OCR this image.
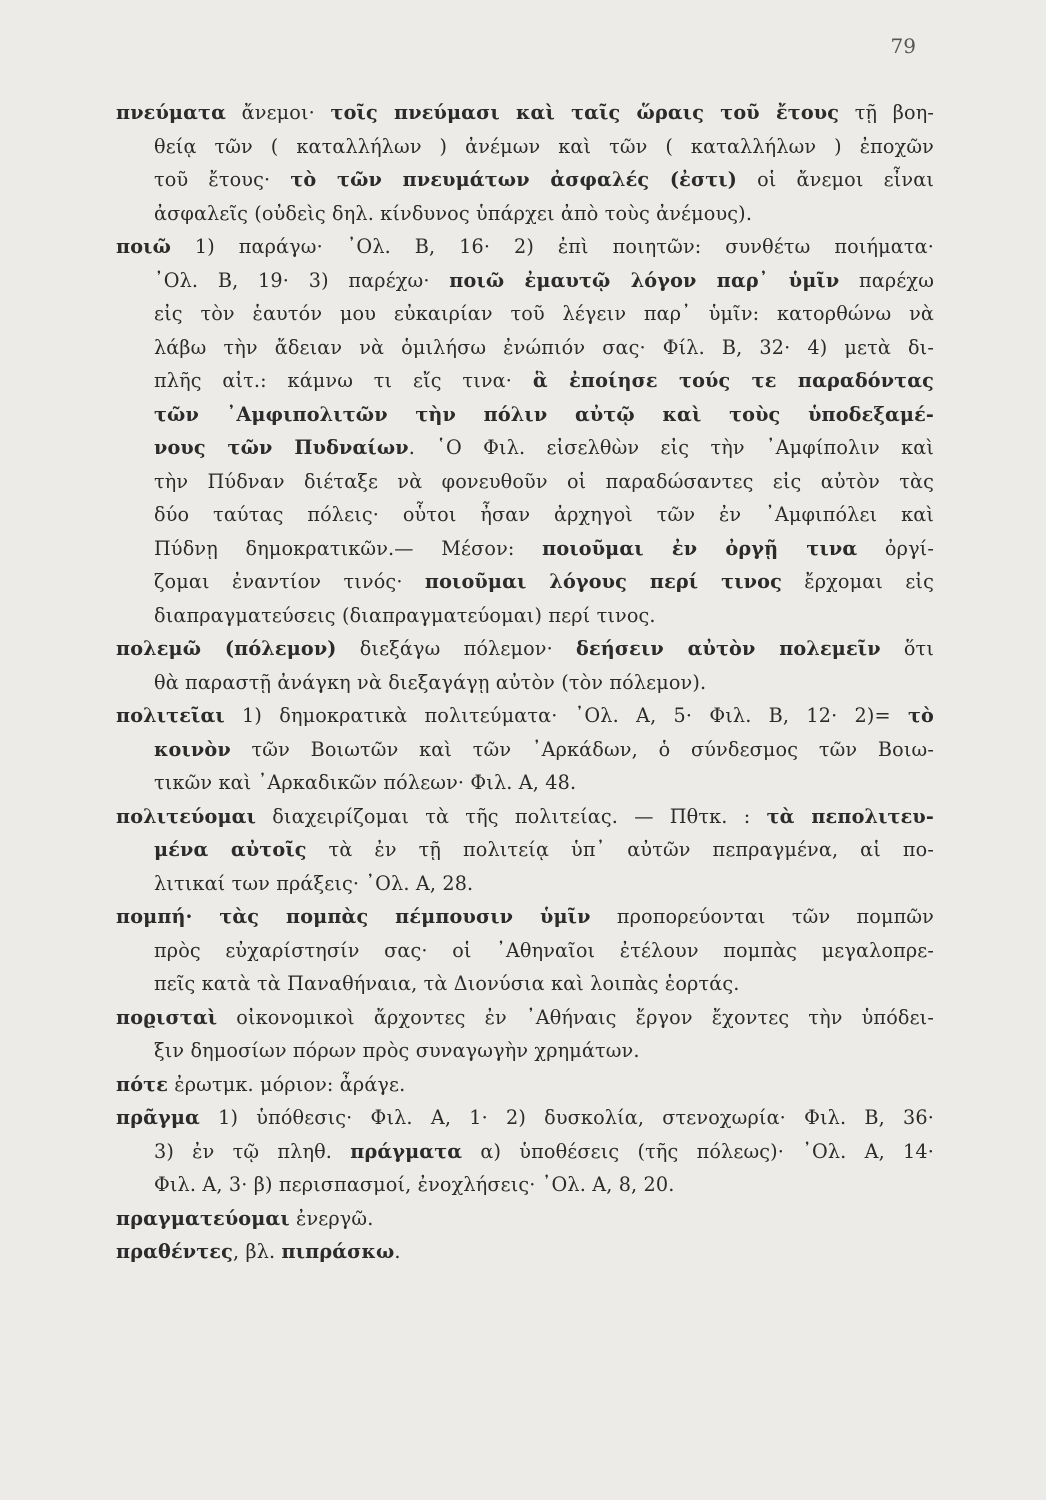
79
πνεύματα ἄνεμοι· τοῖς πνεύμασι καὶ ταῖς ὥραις τοῦ ἔτους τῇ βοη-
θείᾳ τῶν ( καταλλήλων ) ἀνέμων καὶ τῶν ( καταλλήλων ) ἐποχῶν
τοῦ ἔτους· τὸ τῶν πνευμάτων ἀσφαλές (ἐστι) οἱ ἄνεμοι εἶναι
ἀσφαλεῖς (οὐδεὶς δηλ. κίνδυνος ὑπάρχει ἀπὸ τοὺς ἀνέμους).
ποιῶ 1) παράγω· ᾿Ολ. Β, 16· 2) ἐπὶ ποιητῶν: συνθέτω ποιήματα·
᾿Ολ. Β, 19· 3) παρέχω· ποιῶ ἐμαυτῷ λόγον παρ᾿ ὑμῖν παρέχω
εἰς τὸν ἑαυτόν μου εὐκαιρίαν τοῦ λέγειν παρ᾿ ὑμῖν: κατορθώνω νὰ
λάβω τὴν ἄδειαν νὰ ὁμιλήσω ἐνώπιόν σας· Φίλ. Β, 32· 4) μετὰ δι-
πλῆς αἰτ.: κάμνω τι εἴς τινα· ἃ ἐποίησε τούς τε παραδόντας
τῶν ᾿Αμφιπολιτῶν τὴν πόλιν αὐτῷ καὶ τοὺς ὑποδεξαμέ-
νους τῶν Πυδναίων. ῾Ο Φιλ. εἰσελθὼν εἰς τὴν ᾿Αμφίπολιν καὶ
τὴν Πύδναν διέταξε νὰ φονευθοῦν οἱ παραδώσαντες εἰς αὐτὸν τὰς
δύο ταύτας πόλεις· οὗτοι ἦσαν ἀρχηγοὶ τῶν ἐν ᾿Αμφιπόλει καὶ
Πύδνῃ δημοκρατικῶν.— Μέσον: ποιοῦμαι ἐν ὀργῇ τινα ὀργί-
ζομαι ἐναντίον τινός· ποιοῦμαι λόγους περί τινος ἔρχομαι εἰς
διαπραγματεύσεις (διαπραγματεύομαι) περί τινος.
πολεμῶ (πόλεμον) διεξάγω πόλεμον· δεήσειν αὐτὸν πολεμεῖν ὅτι
θὰ παραστῇ ἀνάγκη νὰ διεξαγάγῃ αὐτὸν (τὸν πόλεμον).
πολιτεῖαι 1) δημοκρατικὰ πολιτεύματα· ᾿Ολ. Α, 5· Φιλ. Β, 12· 2)= τὸ
κοινὸν τῶν Βοιωτῶν καὶ τῶν ᾿Αρκάδων, ὁ σύνδεσμος τῶν Βοιω-
τικῶν καὶ ᾿Αρκαδικῶν πόλεων· Φιλ. Α, 48.
πολιτεύομαι διαχειρίζομαι τὰ τῆς πολιτείας. — Πθτκ. : τὰ πεπολιτευ-
μένα αὐτοῖς τὰ ἐν τῇ πολιτείᾳ ὑπ᾿ αὐτῶν πεπραγμένα, αἱ πο-
λιτικαί των πράξεις· ᾿Ολ. Α, 28.
πομπή· τὰς πομπὰς πέμπουσιν ὑμῖν προπορεύονται τῶν πομπῶν
πρὸς εὐχαρίστησίν σας· οἱ ᾿Αθηναῖοι ἐτέλουν πομπὰς μεγαλοπρε-
πεῖς κατὰ τὰ Παναθήναια, τὰ Διονύσια καὶ λοιπὰς ἑορτάς.
ποϱισταὶ οἰκονομικοὶ ἄρχοντες ἐν ᾿Αθήναις ἔργον ἔχοντες τὴν ὑπόδει-
ξιν δημοσίων πόρων πρὸς συναγωγὴν χρημάτων.
πότε ἐρωτμκ. μόριον: ἆράγε.
πρᾶγμα 1) ὑπόθεσις· Φιλ. Α, 1· 2) δυσκολία, στενοχωρία· Φιλ. Β, 36·
3) ἐν τῷ πληθ. πράγματα α) ὑποθέσεις (τῆς πόλεως)· ᾿Ολ. Α, 14·
Φιλ. Α, 3· β) περισπασμοί, ἐνοχλήσεις· ᾿Ολ. Α, 8, 20.
πραγματεύομαι ἐνεργῶ.
πραθέντες, βλ. πιπράσκω.
